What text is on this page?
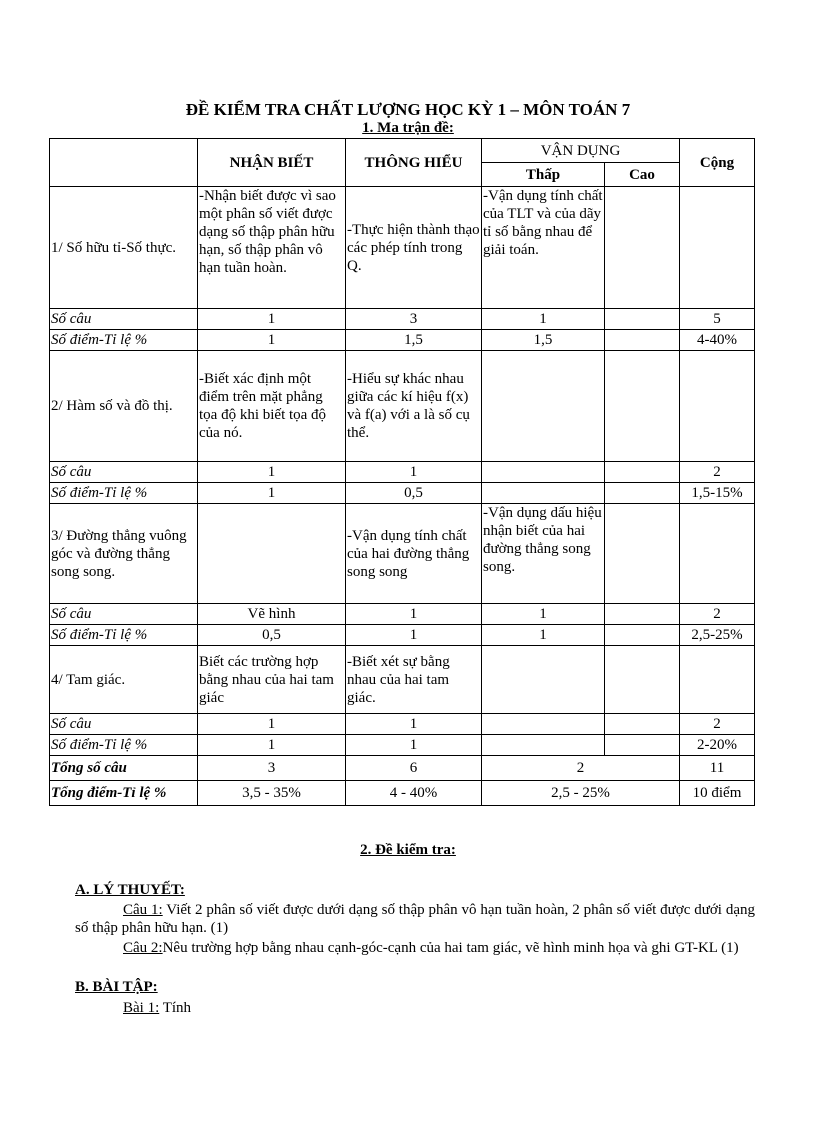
ĐỀ KIỂM TRA CHẤT LƯỢNG HỌC KỲ 1 – MÔN TOÁN 7
1. Ma trận đề:
	NHẬN BIẾT	THÔNG HIỂU	VẬN DỤNG		Cộng
			Thấp	Cao	
1/ Số hữu tỉ-Số thực.	-Nhận biết được vì sao một phân số viết được dạng số thập phân hữu hạn, số thập phân vô hạn tuần hoàn.	-Thực hiện thành thạo các phép tính trong Q.	-Vận dụng tính chất của TLT và của dãy tỉ số bằng nhau để giải toán.		
Số câu	1	3	1		5
Số điểm-Tỉ lệ %	1	1,5	1,5		4-40%
2/ Hàm số và đồ thị.	-Biết xác định một điểm trên mặt phẳng tọa độ khi biết tọa độ của nó.	-Hiểu sự khác nhau giữa các kí hiệu f(x) và f(a) với a là số cụ thể.			
Số câu	1	1			2
Số điểm-Tỉ lệ %	1	0,5			1,5-15%
3/ Đường thẳng vuông góc và đường thẳng song song.		-Vận dụng tính chất của hai đường thẳng song song	-Vận dụng dấu hiệu nhận biết của hai đường thẳng song song.		
Số câu	Vẽ hình	1	1		2
Số điểm-Tỉ lệ %	0,5	1	1		2,5-25%
4/ Tam giác.	Biết các trường hợp bằng nhau của hai tam giác	-Biết xét sự bằng nhau của hai tam giác.			
Số câu	1	1			2
Số điểm-Tỉ lệ %	1	1			2-20%
Tổng số câu	3	6	2		11
Tổng điểm-Tỉ lệ %	3,5 - 35%	4 - 40%	2,5 - 25%		10 điểm
2. Đề kiểm tra:
A. LÝ THUYẾT:
Câu 1: Viết 2 phân số viết được dưới dạng số thập phân vô hạn tuần hoàn, 2 phân số viết được dưới dạng số thập phân hữu hạn. (1)
Câu 2:Nêu trường hợp bằng nhau cạnh-góc-cạnh của hai tam giác, vẽ hình minh họa và ghi GT-KL (1)
B. BÀI TẬP:
Bài 1: Tính
